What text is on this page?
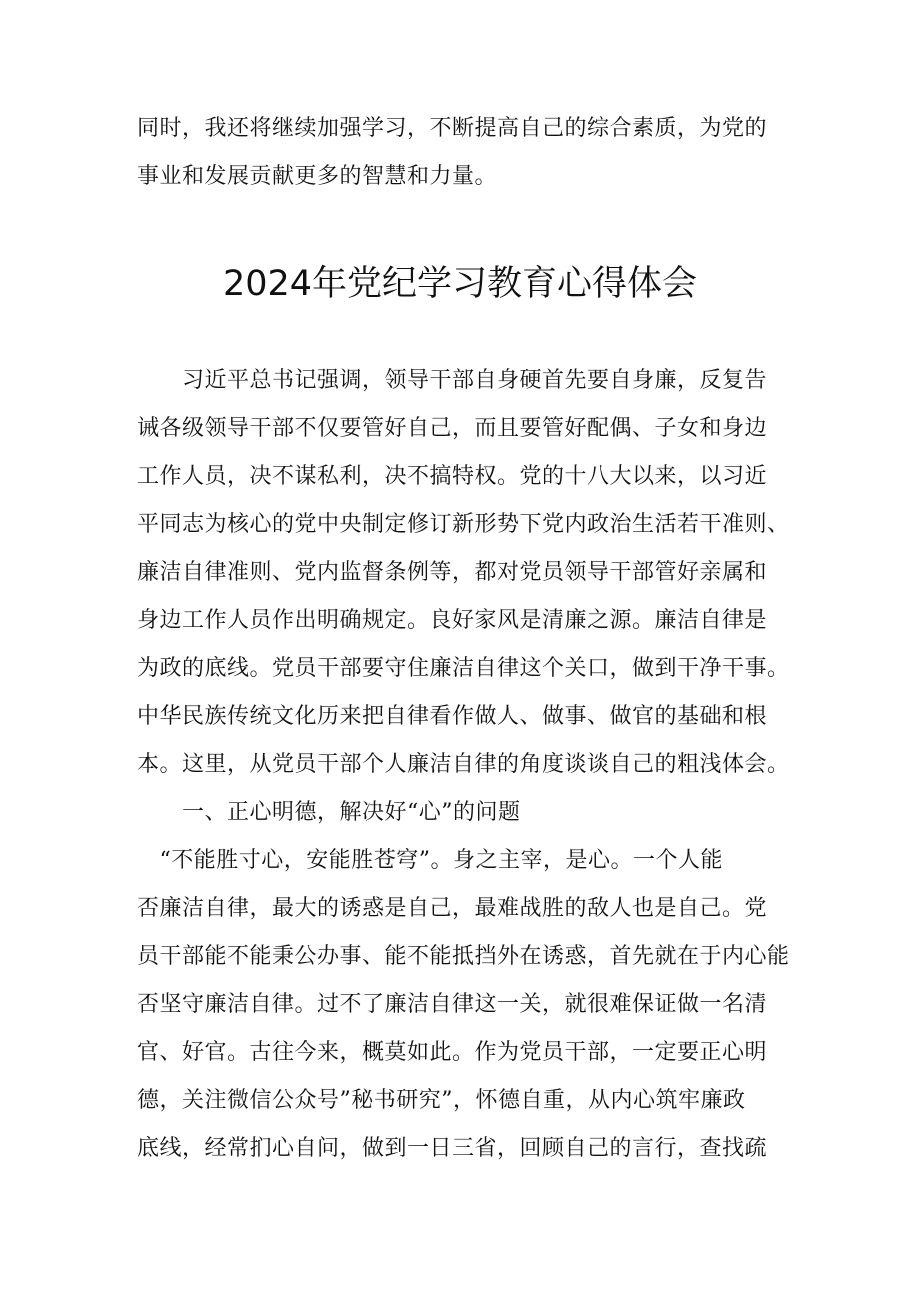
同时，我还将继续加强学习，不断提高自己的综合素质，为党的
事业和发展贡献更多的智慧和力量。
2024年党纪学习教育心得体会
　　习近平总书记强调，领导干部自身硬首先要自身廉，反复告
诫各级领导干部不仅要管好自己，而且要管好配偶、子女和身边
工作人员，决不谋私利，决不搞特权。党的十八大以来，以习近
平同志为核心的党中央制定修订新形势下党内政治生活若干准则、
廉洁自律准则、党内监督条例等，都对党员领导干部管好亲属和
身边工作人员作出明确规定。良好家风是清廉之源。廉洁自律是
为政的底线。党员干部要守住廉洁自律这个关口，做到干净干事。
中华民族传统文化历来把自律看作做人、做事、做官的基础和根
本。这里，从党员干部个人廉洁自律的角度谈谈自己的粗浅体会。
　　一、正心明德，解决好“心”的问题
　“不能胜寸心，安能胜苍穹”。身之主宰，是心。一个人能
否廉洁自律，最大的诱惑是自己，最难战胜的敌人也是自己。党
员干部能不能秉公办事、能不能抵挡外在诱惑，首先就在于内心能
否坚守廉洁自律。过不了廉洁自律这一关，就很难保证做一名清
官、好官。古往今来，概莫如此。作为党员干部，一定要正心明
德，关注微信公众号”秘书研究”，怀德自重，从内心筑牢廉政
底线，经常扪心自问，做到一日三省，回顾自己的言行，查找疏
